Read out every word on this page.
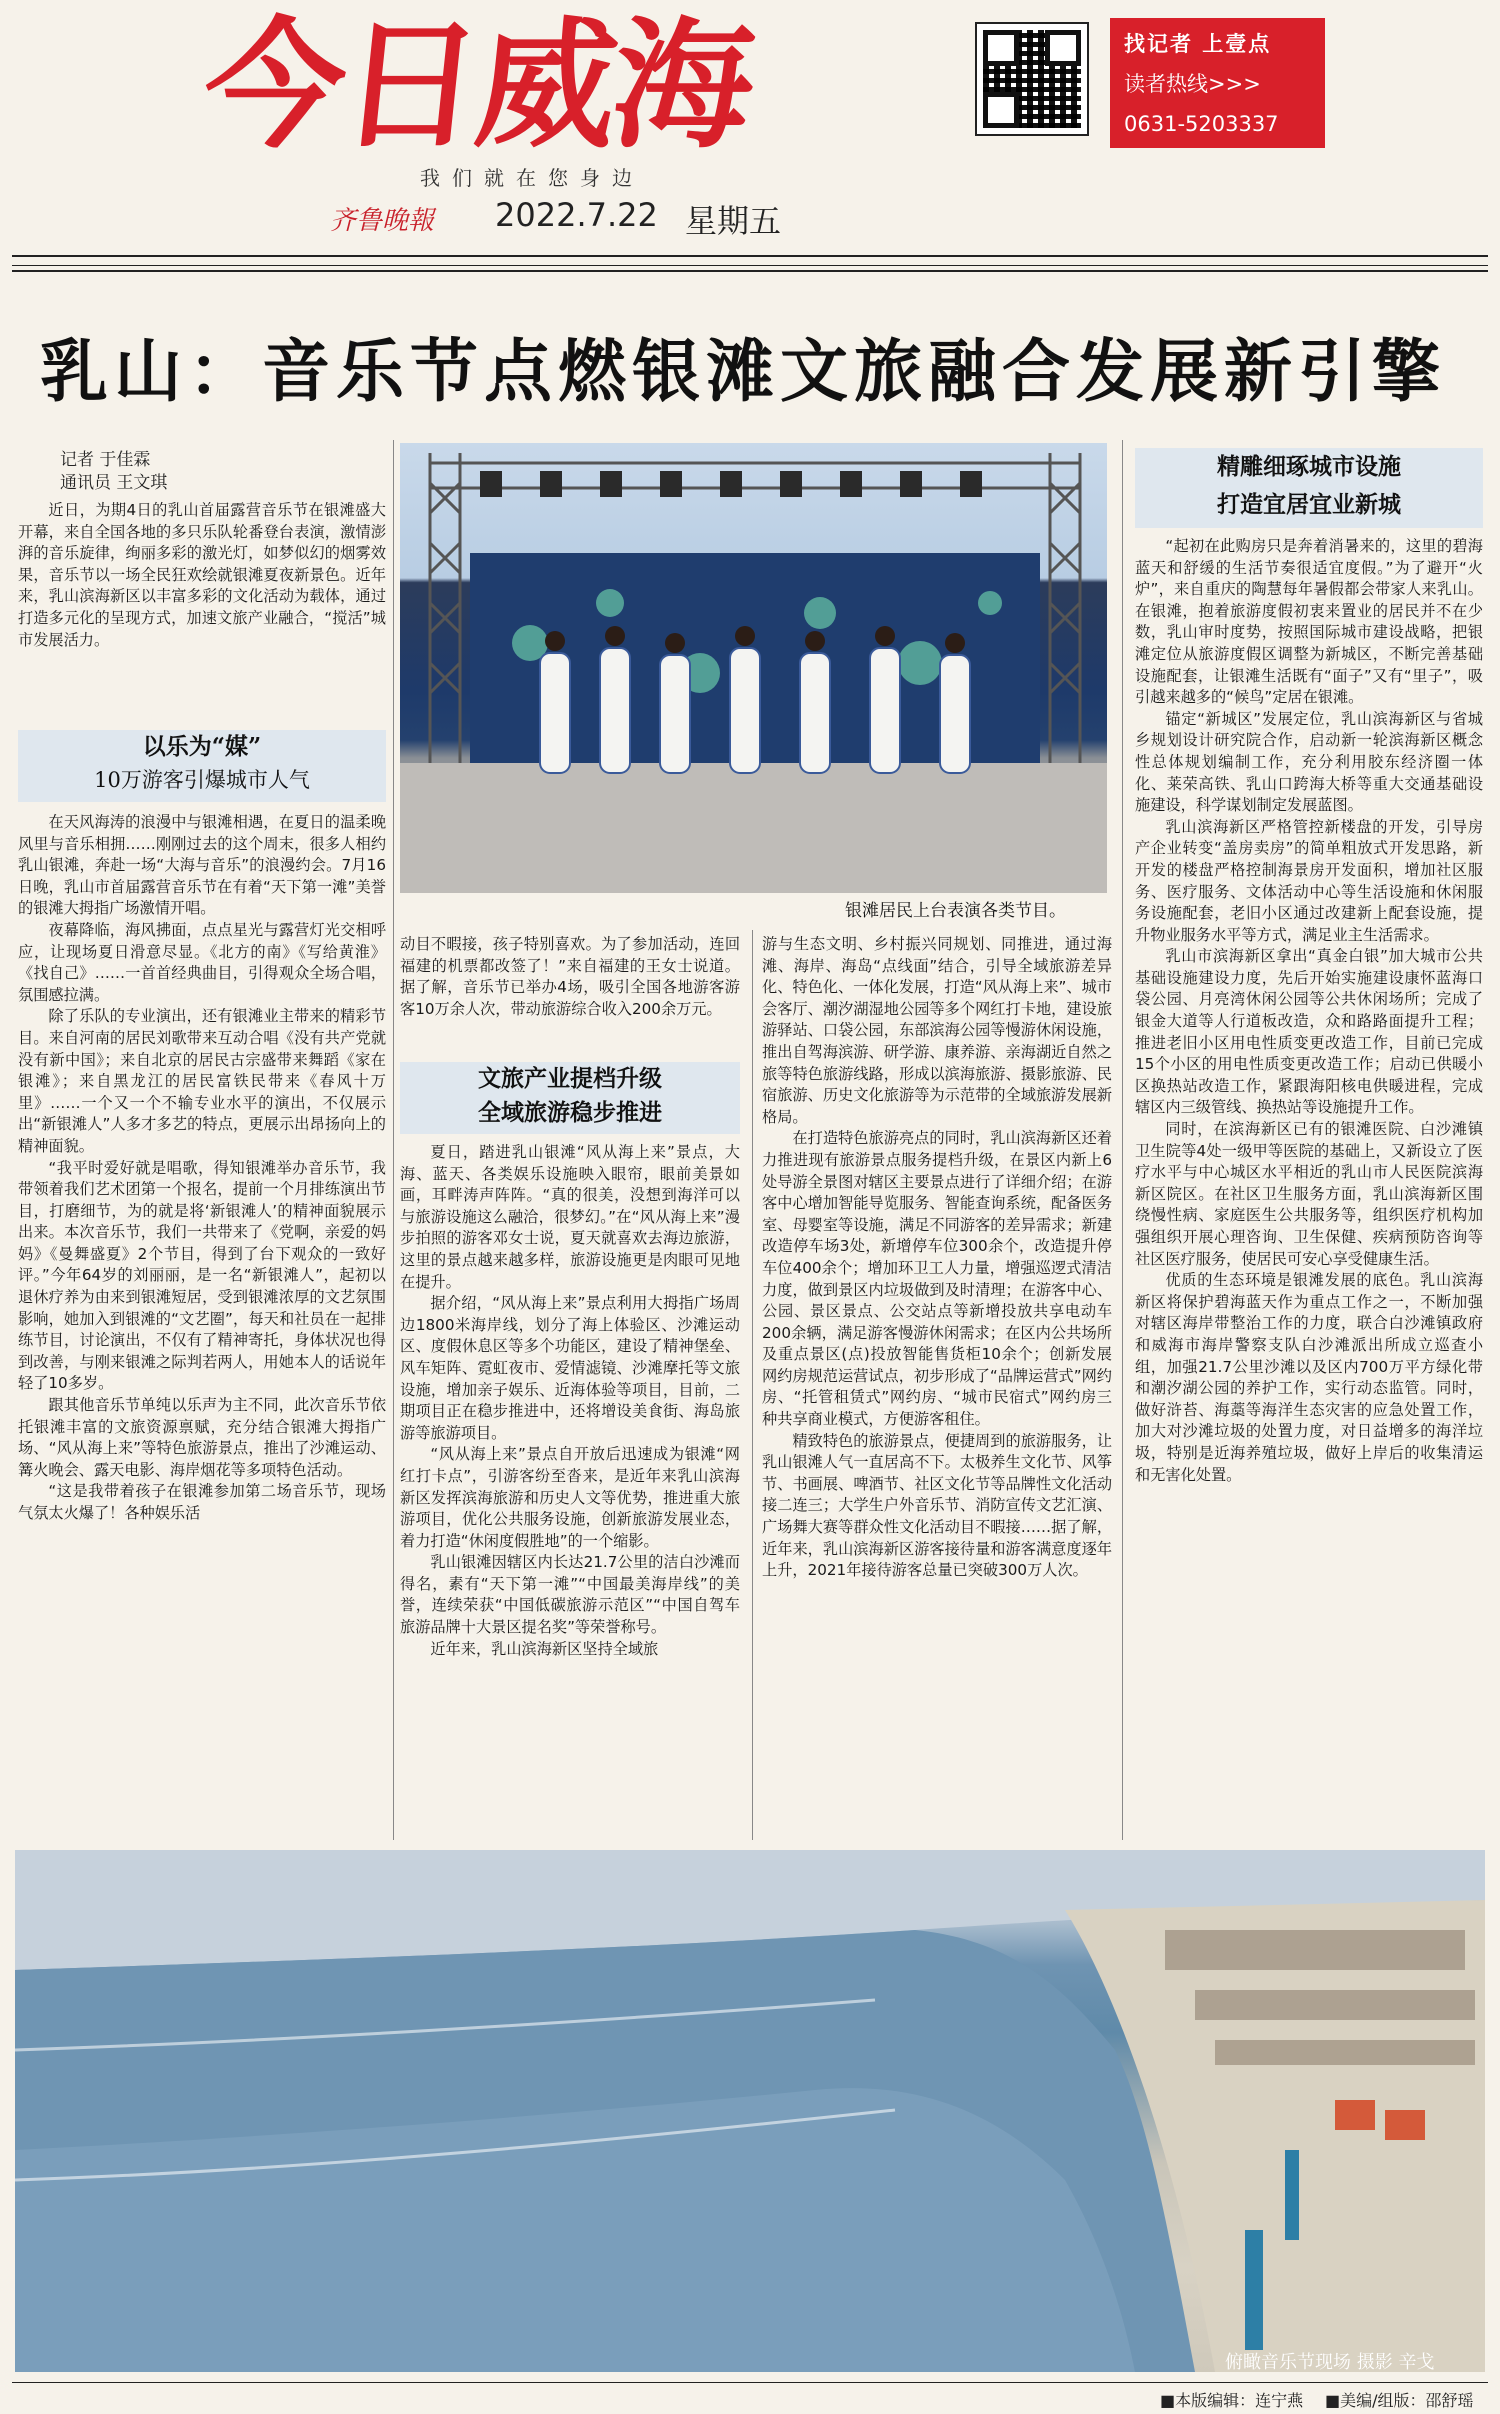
今日威海
我们就在您身边
齐鲁晚報 2022.7.22 星期五
找记者 上壹点
读者热线>>>
0631-5203337
乳山：音乐节点燃银滩文旅融合发展新引擎
记者 于佳霖
通讯员 王文琪

近日，为期4日的乳山首届露营音乐节在银滩盛大开幕，来自全国各地的多只乐队轮番登台表演，激情澎湃的音乐旋律，绚丽多彩的激光灯，如梦似幻的烟雾效果，音乐节以一场全民狂欢绘就银滩夏夜新景色。近年来，乳山滨海新区以丰富多彩的文化活动为载体，通过打造多元化的呈现方式，加速文旅产业融合，“搅活”城市发展活力。

以乐为“媒”
10万游客引爆城市人气

在天风海涛的浪漫中与银滩相遇，在夏日的温柔晚风里与音乐相拥……刚刚过去的这个周末，很多人相约乳山银滩，奔赴一场“大海与音乐”的浪漫约会。7月16日晚，乳山市首届露营音乐节在有着“天下第一滩”美誉的银滩大拇指广场激情开唱。

夜幕降临，海风拂面，点点星光与露营灯光交相呼应，让现场夏日滑意尽显。《北方的南》《写给黄淮》《找自己》……一首首经典曲目，引得观众全场合唱，氛围感拉满。

除了乐队的专业演出，还有银滩业主带来的精彩节目。来自河南的居民刘歌带来互动合唱《没有共产党就没有新中国》；来自北京的居民古宗盛带来舞蹈《家在银滩》；来自黑龙江的居民富铁民带来《春风十万里》……一个又一个不输专业水平的演出，不仅展示出“新银滩人”人多才多艺的特点，更展示出昂扬向上的精神面貌。

“我平时爱好就是唱歌，得知银滩举办音乐节，我带领着我们艺术团第一个报名，提前一个月排练演出节目，打磨细节，为的就是将‘新银滩人’的精神面貌展示出来。本次音乐节，我们一共带来了《党啊，亲爱的妈妈》《曼舞盛夏》2个节目，得到了台下观众的一致好评。”今年64岁的刘丽丽，是一名“新银滩人”，起初以退休疗养为由来到银滩短居，受到银滩浓厚的文艺氛围影响，她加入到银滩的“文艺圈”，每天和社员在一起排练节目，讨论演出，不仅有了精神寄托，身体状况也得到改善，与刚来银滩之际判若两人，用她本人的话说年轻了10多岁。

跟其他音乐节单纯以乐声为主不同，此次音乐节依托银滩丰富的文旅资源禀赋，充分结合银滩大拇指广场、“风从海上来”等特色旅游景点，推出了沙滩运动、篝火晚会、露天电影、海岸烟花等多项特色活动。

“这是我带着孩子在银滩参加第二场音乐节，现场气氛太火爆了！各种娱乐活

银滩居民上台表演各类节目。

动目不暇接，孩子特别喜欢。为了参加活动，连回福建的机票都改签了！”来自福建的王女士说道。据了解，音乐节已举办4场，吸引全国各地游客游客10万余人次，带动旅游综合收入200余万元。

文旅产业提档升级
全域旅游稳步推进

夏日，踏进乳山银滩“风从海上来”景点，大海、蓝天、各类娱乐设施映入眼帘，眼前美景如画，耳畔涛声阵阵。“真的很美，没想到海洋可以与旅游设施这么融洽，很梦幻。”在“风从海上来”漫步拍照的游客邓女士说，夏天就喜欢去海边旅游，这里的景点越来越多样，旅游设施更是肉眼可见地在提升。

据介绍，“风从海上来”景点利用大拇指广场周边1800米海岸线，划分了海上体验区、沙滩运动区、度假休息区等多个功能区，建设了精神堡垒、风车矩阵、霓虹夜市、爱情滤镜、沙滩摩托等文旅设施，增加亲子娱乐、近海体验等项目，目前，二期项目正在稳步推进中，还将增设美食街、海岛旅游等旅游项目。

“风从海上来”景点自开放后迅速成为银滩“网红打卡点”，引游客纷至沓来，是近年来乳山滨海新区发挥滨海旅游和历史人文等优势，推进重大旅游项目，优化公共服务设施，创新旅游发展业态，着力打造“休闲度假胜地”的一个缩影。

乳山银滩因辖区内长达21.7公里的洁白沙滩而得名，素有“天下第一滩”“中国最美海岸线”的美誉，连续荣获“中国低碳旅游示范区”“中国自驾车旅游品牌十大景区提名奖”等荣誉称号。

近年来，乳山滨海新区坚持全域旅

游与生态文明、乡村振兴同规划、同推进，通过海滩、海岸、海岛“点线面”结合，引导全域旅游差异化、特色化、一体化发展，打造“风从海上来”、城市会客厅、潮汐湖湿地公园等多个网红打卡地，建设旅游驿站、口袋公园，东部滨海公园等慢游休闲设施，推出自驾海滨游、研学游、康养游、亲海湖近自然之旅等特色旅游线路，形成以滨海旅游、摄影旅游、民宿旅游、历史文化旅游等为示范带的全域旅游发展新格局。

在打造特色旅游亮点的同时，乳山滨海新区还着力推进现有旅游景点服务提档升级，在景区内新上6处导游全景图对辖区主要景点进行了详细介绍；在游客中心增加智能导览服务、智能查询系统，配备医务室、母婴室等设施，满足不同游客的差异需求；新建改造停车场3处，新增停车位300余个，改造提升停车位400余个；增加环卫工人力量，增强巡逻式清洁力度，做到景区内垃圾做到及时清理；在游客中心、公园、景区景点、公交站点等新增投放共享电动车200余辆，满足游客慢游休闲需求；在区内公共场所及重点景区(点)投放智能售货柜10余个；创新发展网约房规范运营试点，初步形成了“品牌运营式”网约房、“托管租赁式”网约房、“城市民宿式”网约房三种共享商业模式，方便游客租住。

精致特色的旅游景点，便捷周到的旅游服务，让乳山银滩人气一直居高不下。太极养生文化节、风筝节、书画展、啤酒节、社区文化节等品牌性文化活动接二连三；大学生户外音乐节、消防宣传文艺汇演、广场舞大赛等群众性文化活动目不暇接……据了解，近年来，乳山滨海新区游客接待量和游客满意度逐年上升，2021年接待游客总量已突破300万人次。

精雕细琢城市设施
打造宜居宜业新城

“起初在此购房只是奔着消暑来的，这里的碧海蓝天和舒缓的生活节奏很适宜度假。”为了避开“火炉”，来自重庆的陶慧每年暑假都会带家人来乳山。在银滩，抱着旅游度假初衷来置业的居民并不在少数，乳山审时度势，按照国际城市建设战略，把银滩定位从旅游度假区调整为新城区，不断完善基础设施配套，让银滩生活既有“面子”又有“里子”，吸引越来越多的“候鸟”定居在银滩。

锚定“新城区”发展定位，乳山滨海新区与省城乡规划设计研究院合作，启动新一轮滨海新区概念性总体规划编制工作，充分利用胶东经济圈一体化、莱荣高铁、乳山口跨海大桥等重大交通基础设施建设，科学谋划制定发展蓝图。

乳山滨海新区严格管控新楼盘的开发，引导房产企业转变“盖房卖房”的简单粗放式开发思路，新开发的楼盘严格控制海景房开发面积，增加社区服务、医疗服务、文体活动中心等生活设施和休闲服务设施配套，老旧小区通过改建新上配套设施，提升物业服务水平等方式，满足业主生活需求。

乳山市滨海新区拿出“真金白银”加大城市公共基础设施建设力度，先后开始实施建设康怀蓝海口袋公园、月亮湾休闲公园等公共休闲场所；完成了银金大道等人行道板改造，众和路路面提升工程；推进老旧小区用电性质变更改造工作，目前已完成15个小区的用电性质变更改造工作；启动已供暖小区换热站改造工作，紧跟海阳核电供暖进程，完成辖区内三级管线、换热站等设施提升工作。

同时，在滨海新区已有的银滩医院、白沙滩镇卫生院等4处一级甲等医院的基础上，又新设立了医疗水平与中心城区水平相近的乳山市人民医院滨海新区院区。在社区卫生服务方面，乳山滨海新区围绕慢性病、家庭医生公共服务等，组织医疗机构加强组织开展心理咨询、卫生保健、疾病预防咨询等社区医疗服务，使居民可安心享受健康生活。

优质的生态环境是银滩发展的底色。乳山滨海新区将保护碧海蓝天作为重点工作之一，不断加强对辖区海岸带整治工作的力度，联合白沙滩镇政府和威海市海岸警察支队白沙滩派出所成立巡查小组，加强21.7公里沙滩以及区内700万平方绿化带和潮汐湖公园的养护工作，实行动态监管。同时，做好浒苔、海藁等海洋生态灾害的应急处置工作，加大对沙滩垃圾的处置力度，对日益增多的海洋垃圾，特别是近海养殖垃圾，做好上岸后的收集清运和无害化处置。

俯瞰音乐节现场 摄影 辛戈
■本版编辑：连宁燕 ■美编/组版：邵舒瑶
